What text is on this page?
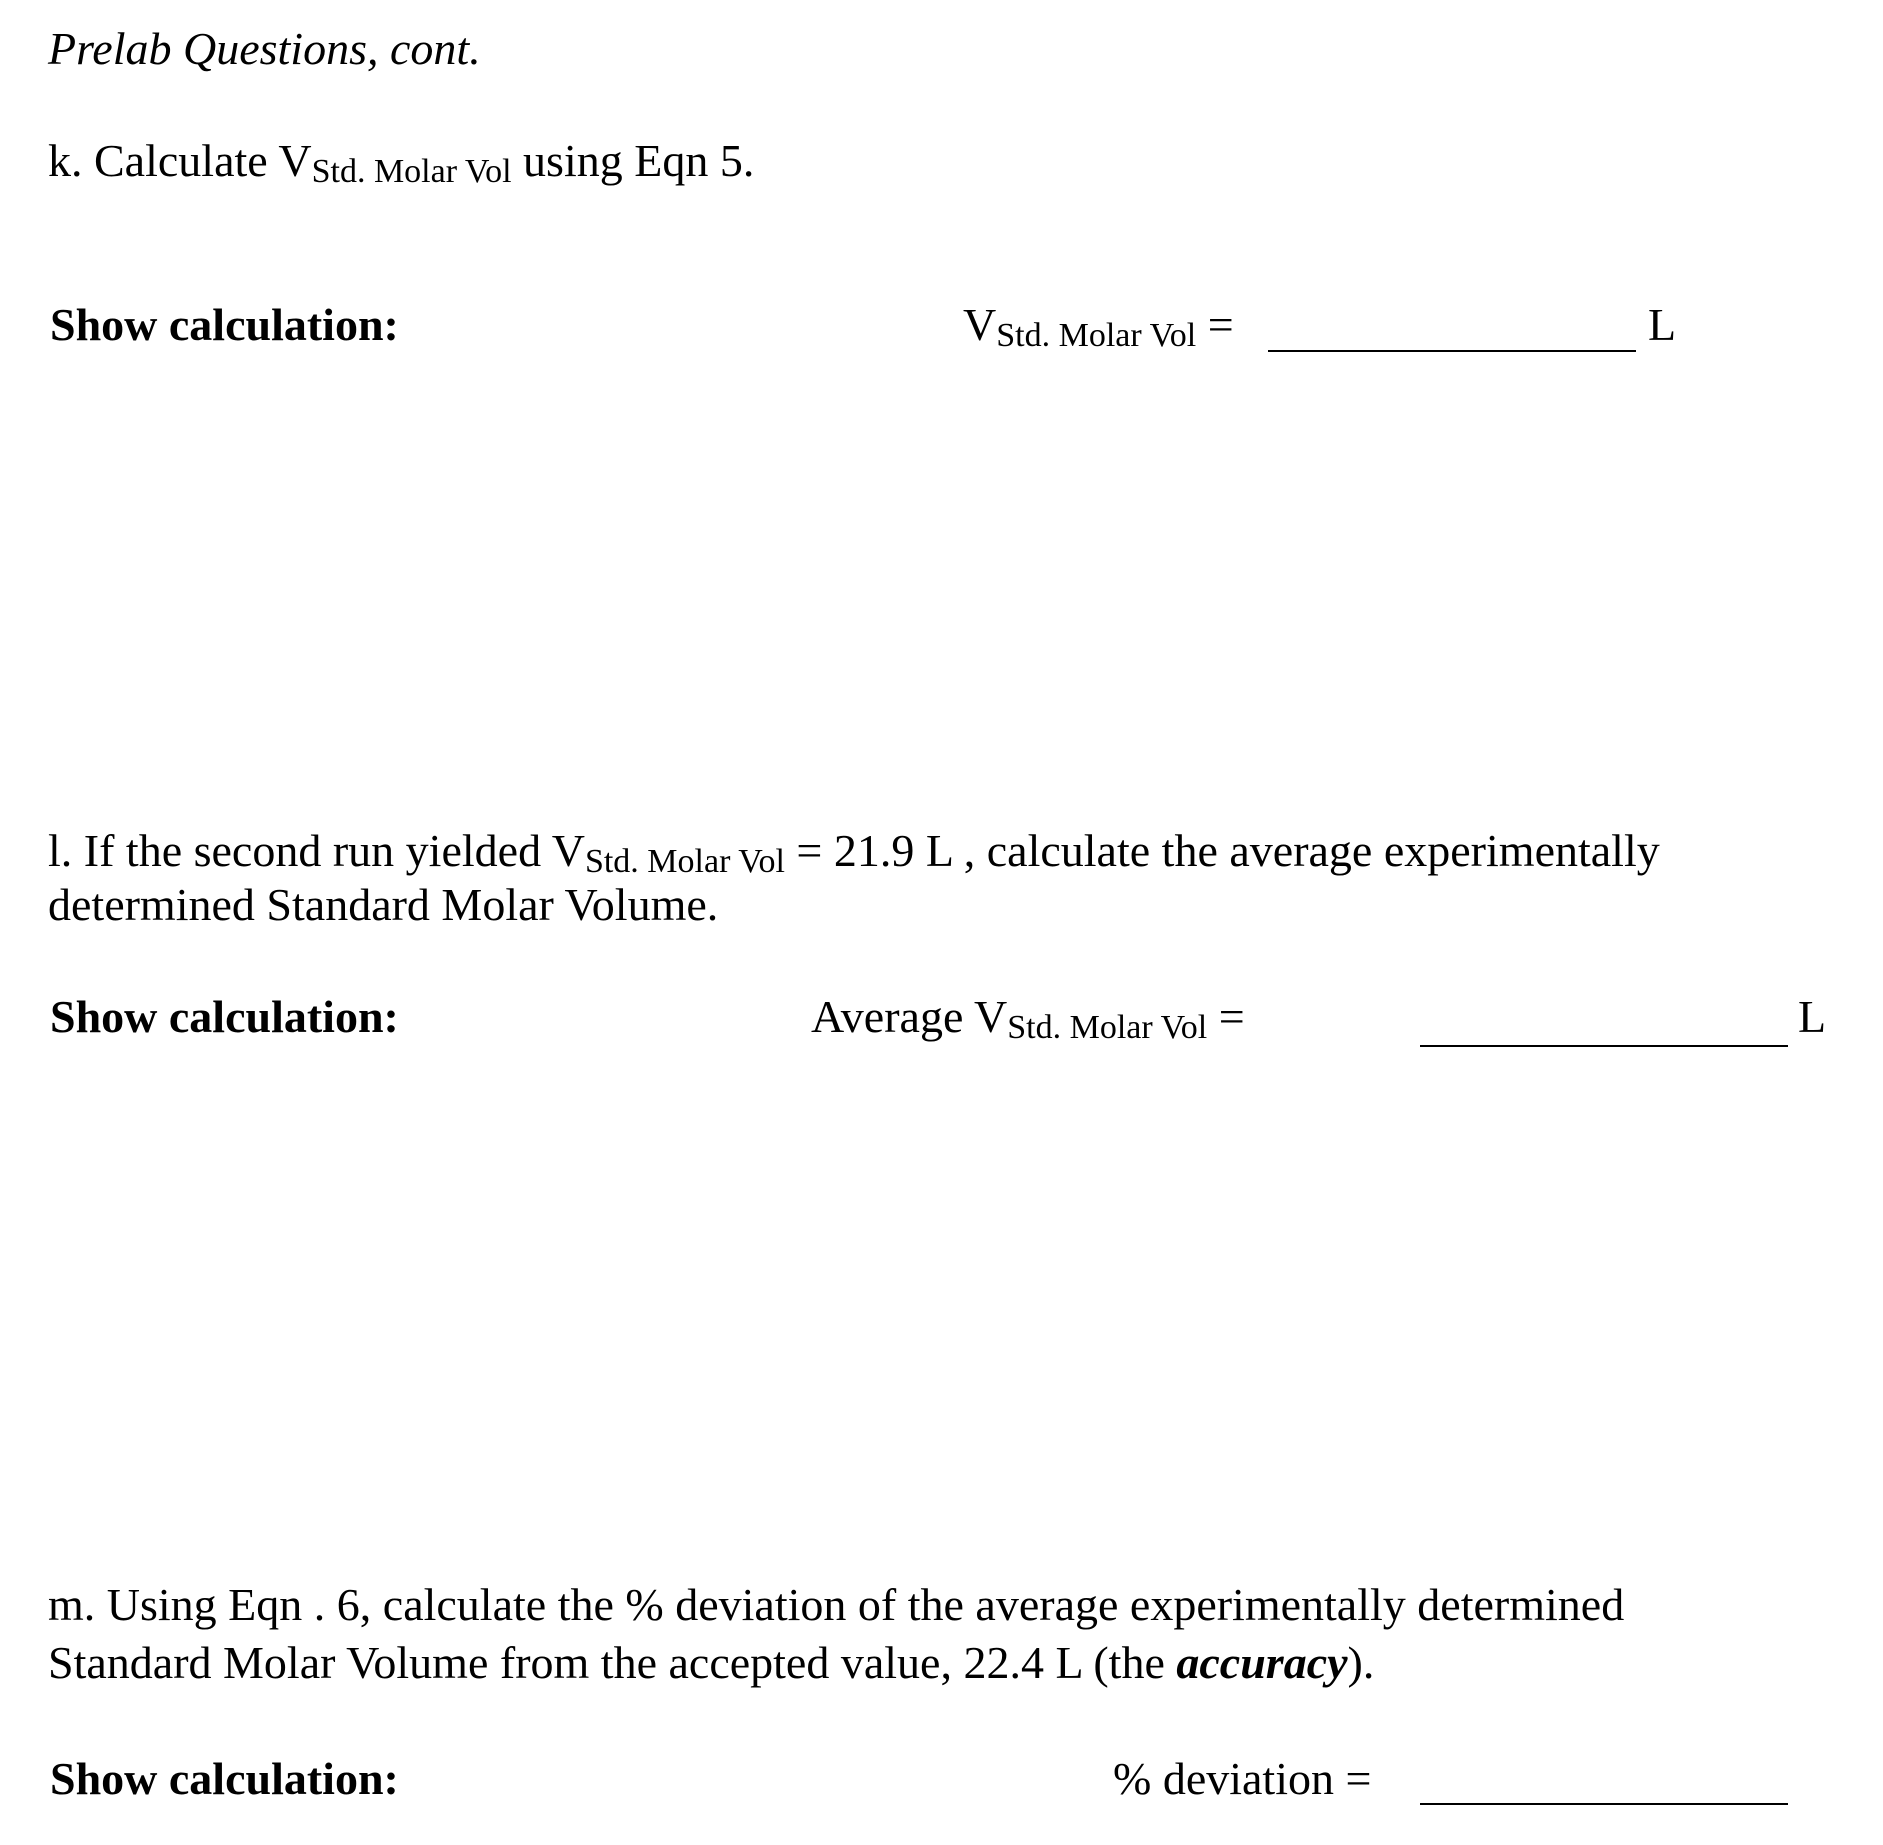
Prelab Questions, cont.
k. Calculate VStd. Molar Vol using Eqn 5.
Show calculation:	VStd. Molar Vol =	L
l. If the second run yielded VStd. Molar Vol = 21.9 L , calculate the average experimentally
determined Standard Molar Volume.
Show calculation:	Average VStd. Molar Vol =	L
m. Using Eqn . 6, calculate the % deviation of the average experimentally determined
Standard Molar Volume from the accepted value, 22.4 L (the accuracy).
Show calculation:	% deviation =
